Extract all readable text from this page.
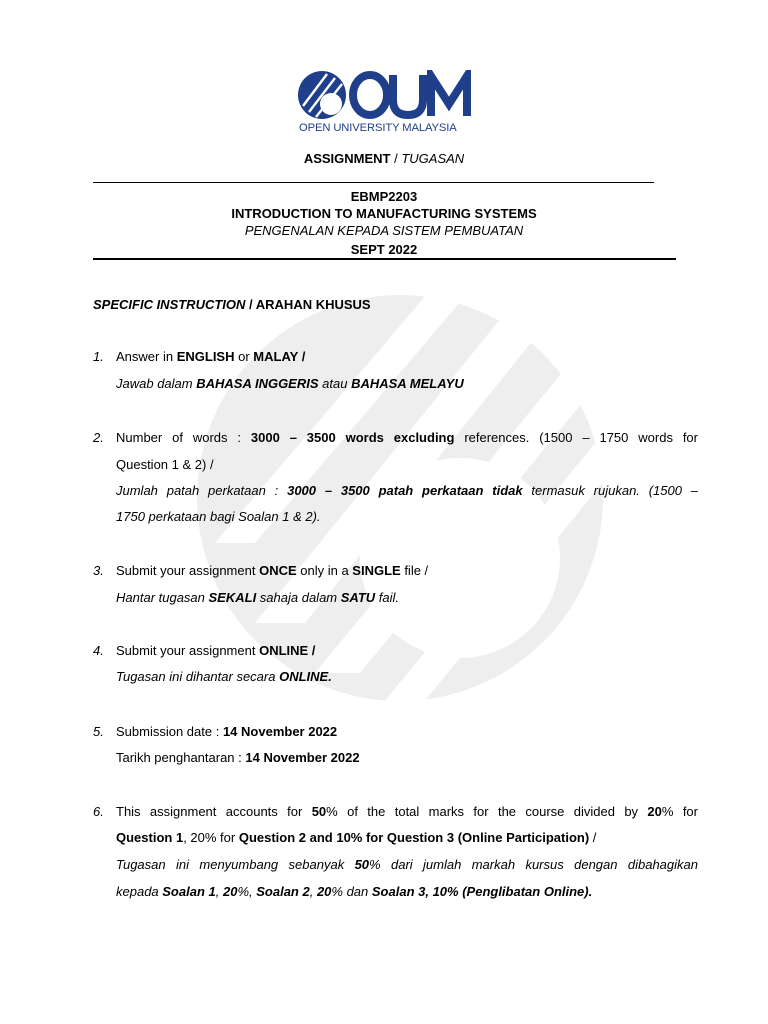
OPEN UNIVERSITY MALAYSIA
ASSIGNMENT / TUGASAN
EBMP2203
INTRODUCTION TO MANUFACTURING SYSTEMS
PENGENALAN KEPADA SISTEM PEMBUATAN
SEPT 2022
SPECIFIC INSTRUCTION / ARAHAN KHUSUS
1. Answer in ENGLISH or MALAY /
Jawab dalam BAHASA INGGERIS atau BAHASA MELAYU
2. Number of words : 3000 – 3500 words excluding references. (1500 – 1750 words for
Question 1 & 2) /
Jumlah patah perkataan : 3000 – 3500 patah perkataan tidak termasuk rujukan. (1500 –
1750 perkataan bagi Soalan 1 & 2).
3. Submit your assignment ONCE only in a SINGLE file /
Hantar tugasan SEKALI sahaja dalam SATU fail.
4. Submit your assignment ONLINE /
Tugasan ini dihantar secara ONLINE.
5. Submission date : 14 November 2022
Tarikh penghantaran : 14 November 2022
6. This assignment accounts for 50% of the total marks for the course divided by 20% for
Question 1, 20% for Question 2 and 10% for Question 3 (Online Participation) /
Tugasan ini menyumbang sebanyak 50% dari jumlah markah kursus dengan dibahagikan
kepada Soalan 1, 20%, Soalan 2, 20% dan Soalan 3, 10% (Penglibatan Online).
